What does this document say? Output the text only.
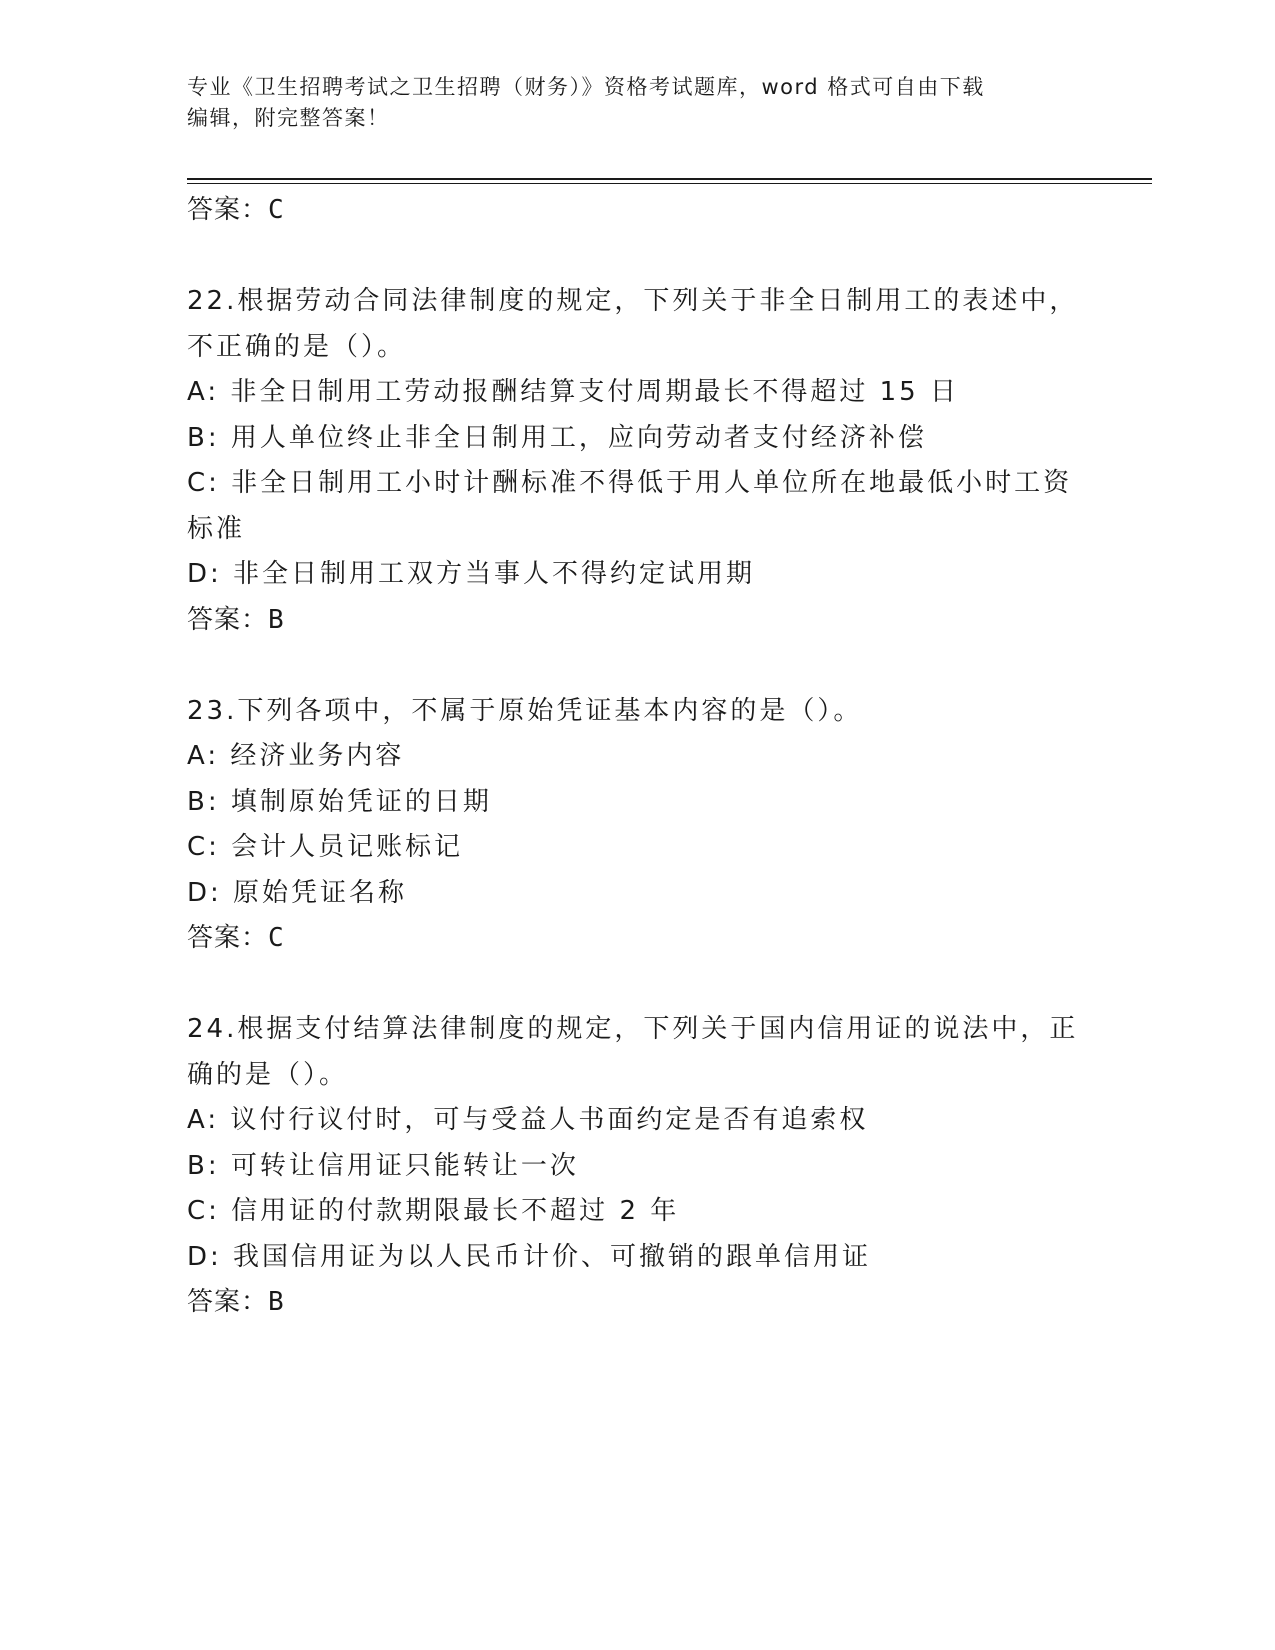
专业《卫生招聘考试之卫生招聘（财务）》资格考试题库，word 格式可自由下载
编辑，附完整答案！
答案：C
22.根据劳动合同法律制度的规定，下列关于非全日制用工的表述中，
不正确的是（）。
A: 非全日制用工劳动报酬结算支付周期最长不得超过 15 日
B: 用人单位终止非全日制用工，应向劳动者支付经济补偿
C: 非全日制用工小时计酬标准不得低于用人单位所在地最低小时工资
标准
D: 非全日制用工双方当事人不得约定试用期
答案：B
23.下列各项中，不属于原始凭证基本内容的是（）。
A: 经济业务内容
B: 填制原始凭证的日期
C: 会计人员记账标记
D: 原始凭证名称
答案：C
24.根据支付结算法律制度的规定，下列关于国内信用证的说法中，正
确的是（）。
A: 议付行议付时，可与受益人书面约定是否有追索权
B: 可转让信用证只能转让一次
C: 信用证的付款期限最长不超过 2 年
D: 我国信用证为以人民币计价、可撤销的跟单信用证
答案：B
